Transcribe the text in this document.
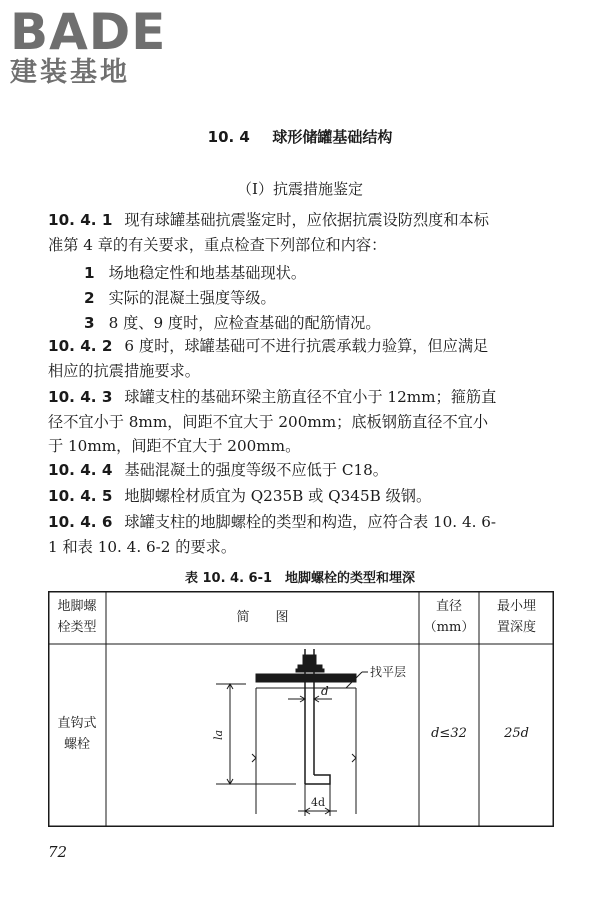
BADE
建装基地
10. 4 球形储罐基础结构
（Ⅰ）抗震措施鉴定
10. 4. 1 现有球罐基础抗震鉴定时，应依据抗震设防烈度和本标
准第 4 章的有关要求，重点检查下列部位和内容：
1 场地稳定性和地基基础现状。
2 实际的混凝土强度等级。
3 8 度、9 度时，应检查基础的配筋情况。
10. 4. 2 6 度时，球罐基础可不进行抗震承载力验算，但应满足
相应的抗震措施要求。
10. 4. 3 球罐支柱的基础环梁主筋直径不宜小于 12mm；箍筋直
径不宜小于 8mm，间距不宜大于 200mm；底板钢筋直径不宜小
于 10mm，间距不宜大于 200mm。
10. 4. 4 基础混凝土的强度等级不应低于 C18。
10. 4. 5 地脚螺栓材质宜为 Q235B 或 Q345B 级钢。
10. 4. 6 球罐支柱的地脚螺栓的类型和构造，应符合表 10. 4. 6-
1 和表 10. 4. 6-2 的要求。
表 10. 4. 6-1　地脚螺栓的类型和埋深
地脚螺
栓类型
简　　图
直径
（mm）
最小埋
置深度
直钩式
螺栓
d≤32	25d
找平层
d
la
4d
72
